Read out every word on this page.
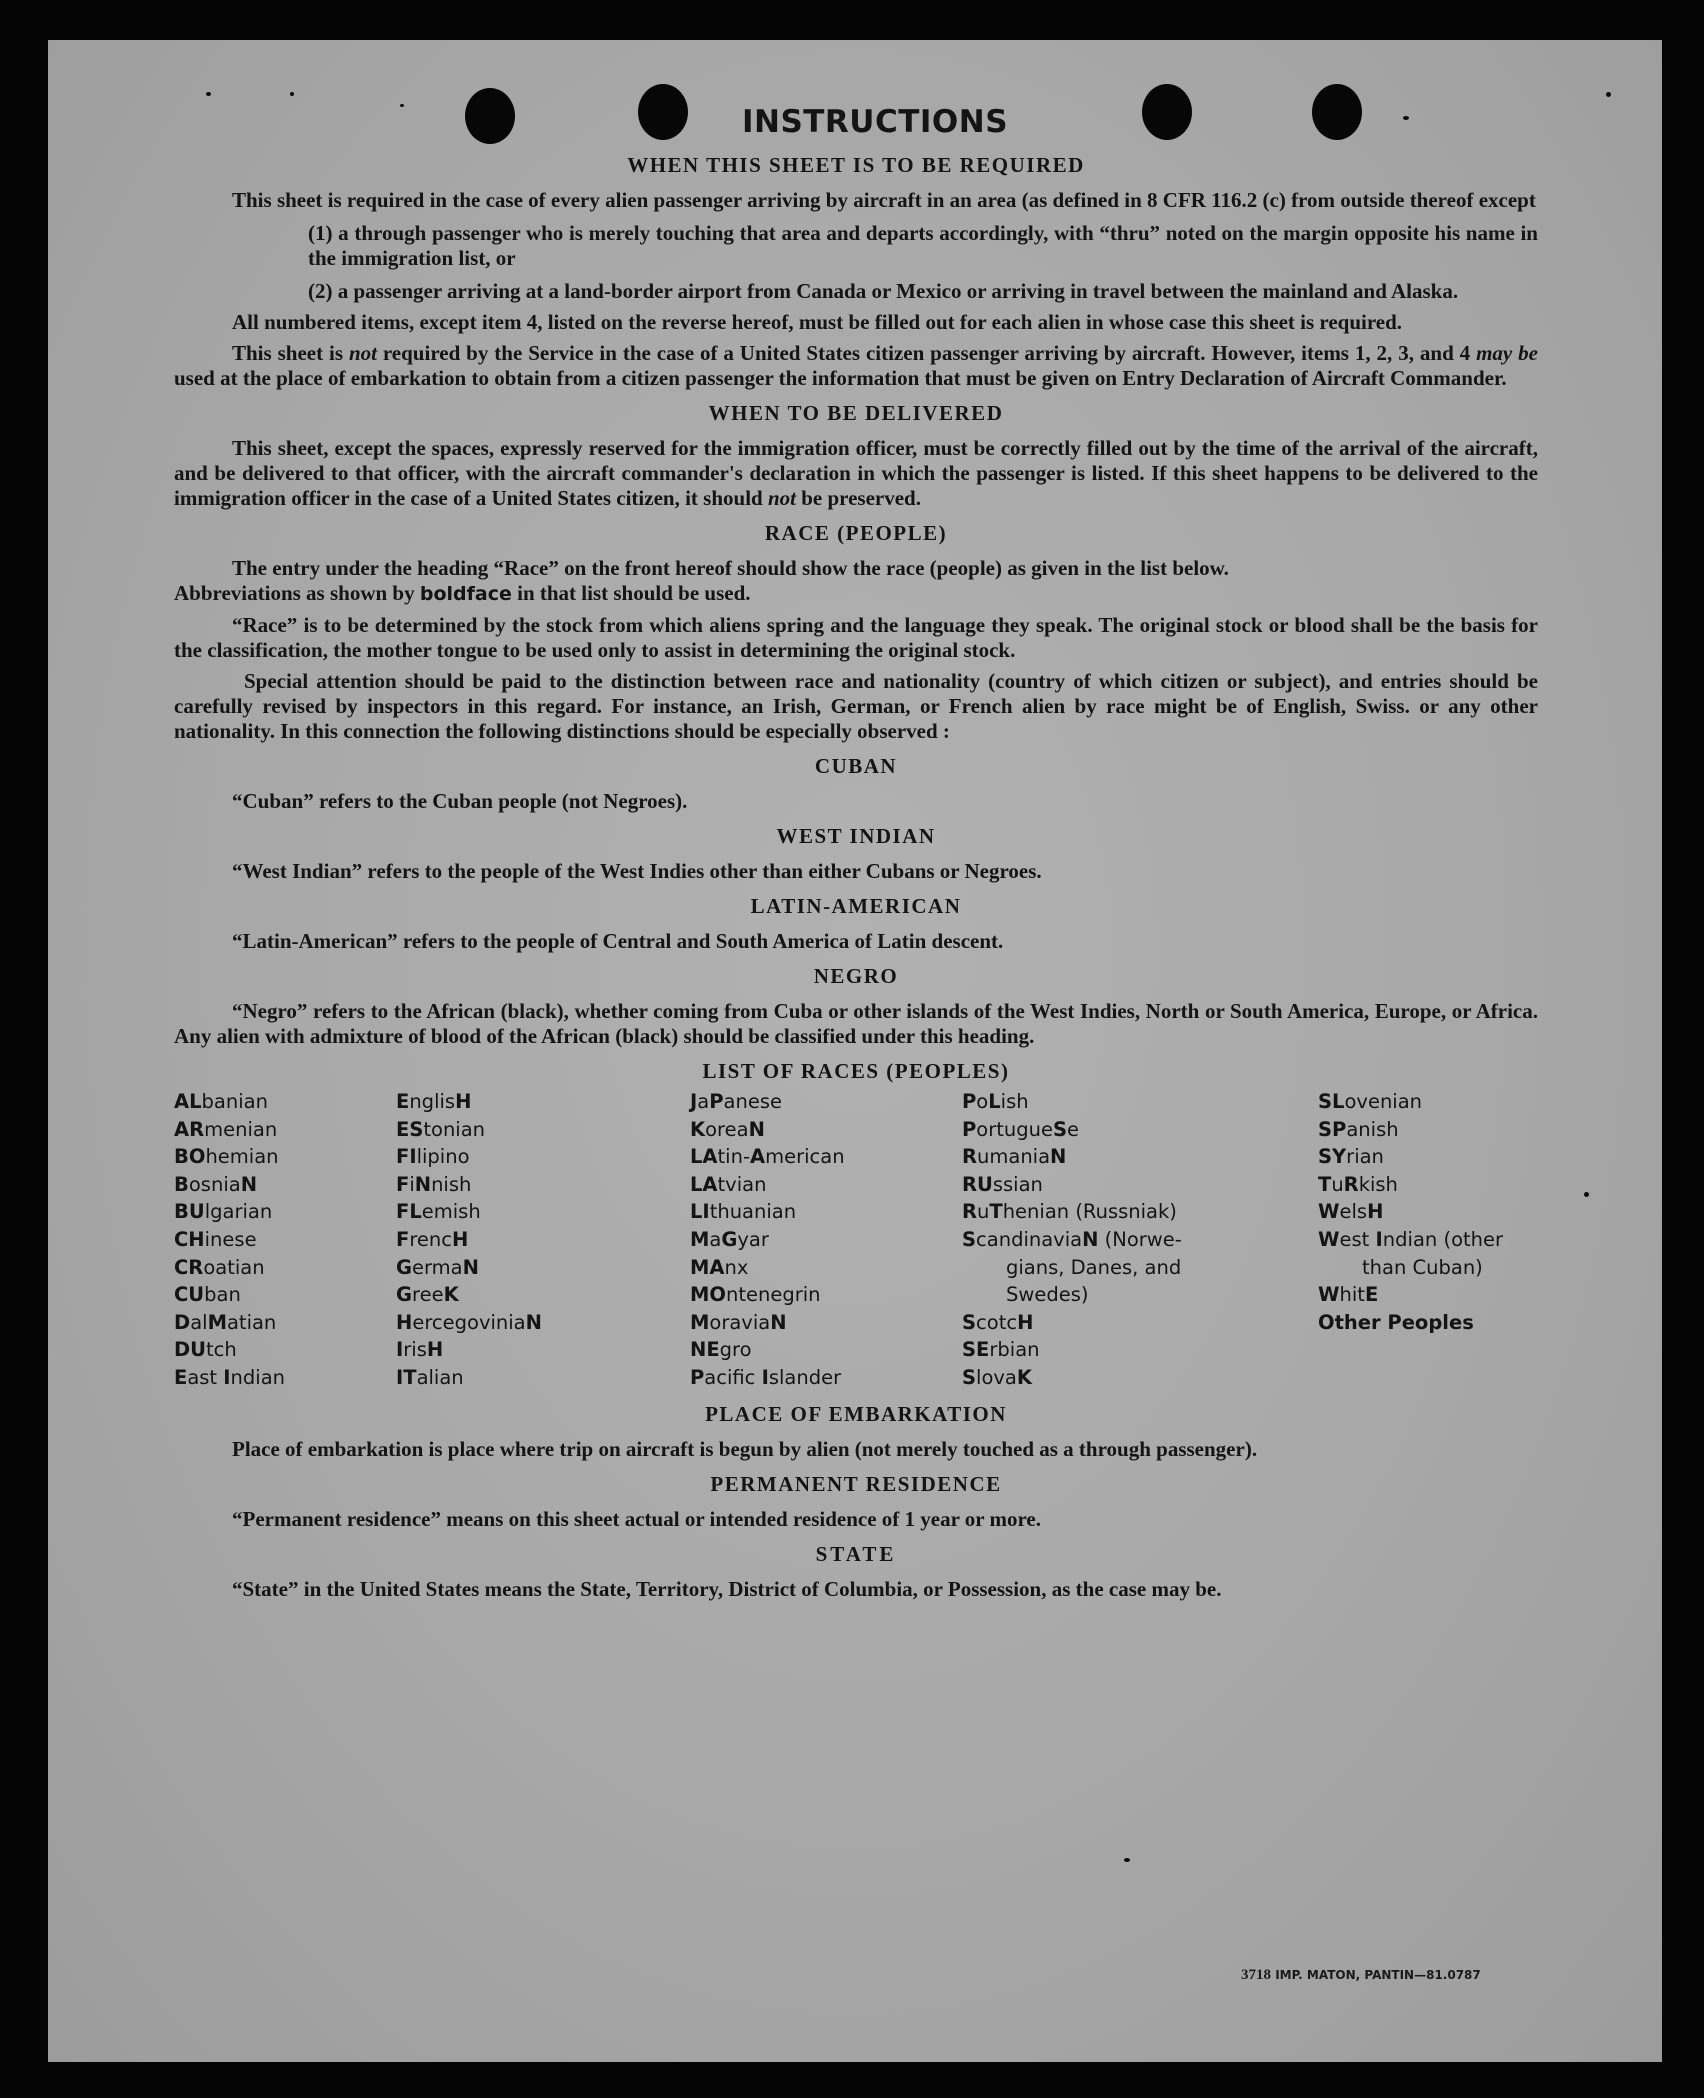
INSTRUCTIONS
WHEN THIS SHEET IS TO BE REQUIRED

This sheet is required in the case of every alien passenger arriving by aircraft in an area (as defined in 8 CFR 116.2 (c) from outside thereof except

(1) a through passenger who is merely touching that area and departs accordingly, with “thru” noted on the margin opposite his name in the immigration list, or
(2) a passenger arriving at a land-border airport from Canada or Mexico or arriving in travel between the mainland and Alaska.

All numbered items, except item 4, listed on the reverse hereof, must be filled out for each alien in whose case this sheet is required.

This sheet is not required by the Service in the case of a United States citizen passenger arriving by aircraft. However, items 1, 2, 3, and 4 may be used at the place of embarkation to obtain from a citizen passenger the information that must be given on Entry Declaration of Aircraft Commander.

WHEN TO BE DELIVERED

This sheet, except the spaces, expressly reserved for the immigration officer, must be correctly filled out by the time of the arrival of the aircraft, and be delivered to that officer, with the aircraft commander's declaration in which the passenger is listed. If this sheet happens to be delivered to the immigration officer in the case of a United States citizen, it should not be preserved.

RACE (PEOPLE)

The entry under the heading “Race” on the front hereof should show the race (people) as given in the list below.

Abbreviations as shown by boldface in that list should be used.

“Race” is to be determined by the stock from which aliens spring and the language they speak. The original stock or blood shall be the basis for the classification, the mother tongue to be used only to assist in determining the original stock.

Special attention should be paid to the distinction between race and nationality (country of which citizen or subject), and entries should be carefully revised by inspectors in this regard. For instance, an Irish, German, or French alien by race might be of English, Swiss. or any other nationality. In this connection the following distinctions should be especially observed :

CUBAN

“Cuban” refers to the Cuban people (not Negroes).

WEST INDIAN

“West Indian” refers to the people of the West Indies other than either Cubans or Negroes.

LATIN-AMERICAN

“Latin-American” refers to the people of Central and South America of Latin descent.

NEGRO

“Negro” refers to the African (black), whether coming from Cuba or other islands of the West Indies, North or South America, Europe, or Africa. Any alien with admixture of blood of the African (black) should be classified under this heading.

LIST OF RACES (PEOPLES)
ALbanian
ARmenian
BOhemian
BosniaN
BUlgarian
CHinese
CRoatian
CUban
DalMatian
DUtch
East Indian
EnglisH
EStonian
FIlipino
FiNnish
FLemish
FrencH
GermaN
GreeK
HercegoviniaN
IrisH
ITalian
JaPanese
KoreaN
LAtin-American
LAtvian
LIthuanian
MaGyar
MAnx
MOntenegrin
MoraviaN
NEgro
Pacific Islander
PoLish
PortugueSe
RumaniaN
RUssian
RuThenian (Russniak)
ScandinaviaN (Norwe-
gians, Danes, and
Swedes)
ScotcH
SErbian
SlovaK
SLovenian
SPanish
SYrian
TuRkish
WelsH
West Indian (other
than Cuban)
WhitE
Other Peoples
PLACE OF EMBARKATION

Place of embarkation is place where trip on aircraft is begun by alien (not merely touched as a through passenger).

PERMANENT RESIDENCE

“Permanent residence” means on this sheet actual or intended residence of 1 year or more.

STATE

“State” in the United States means the State, Territory, District of Columbia, or Possession, as the case may be.

3718 IMP. MATON, PANTIN—81.0787
